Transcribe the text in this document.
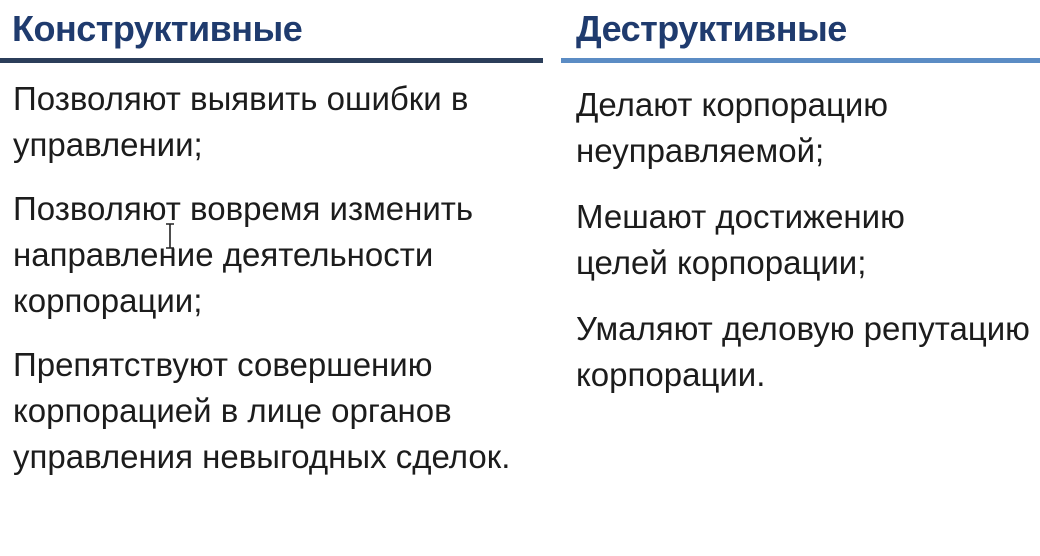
Конструктивные
Позволяют выявить ошибки в управлении;
Позволяют вовремя изменить направление деятельности корпорации;
Препятствуют совершению корпорацией в лице органов управления невыгодных сделок.
Деструктивные
Делают корпорацию неуправляемой;
Мешают достижению целей корпорации;
Умаляют деловую репутацию корпорации.
